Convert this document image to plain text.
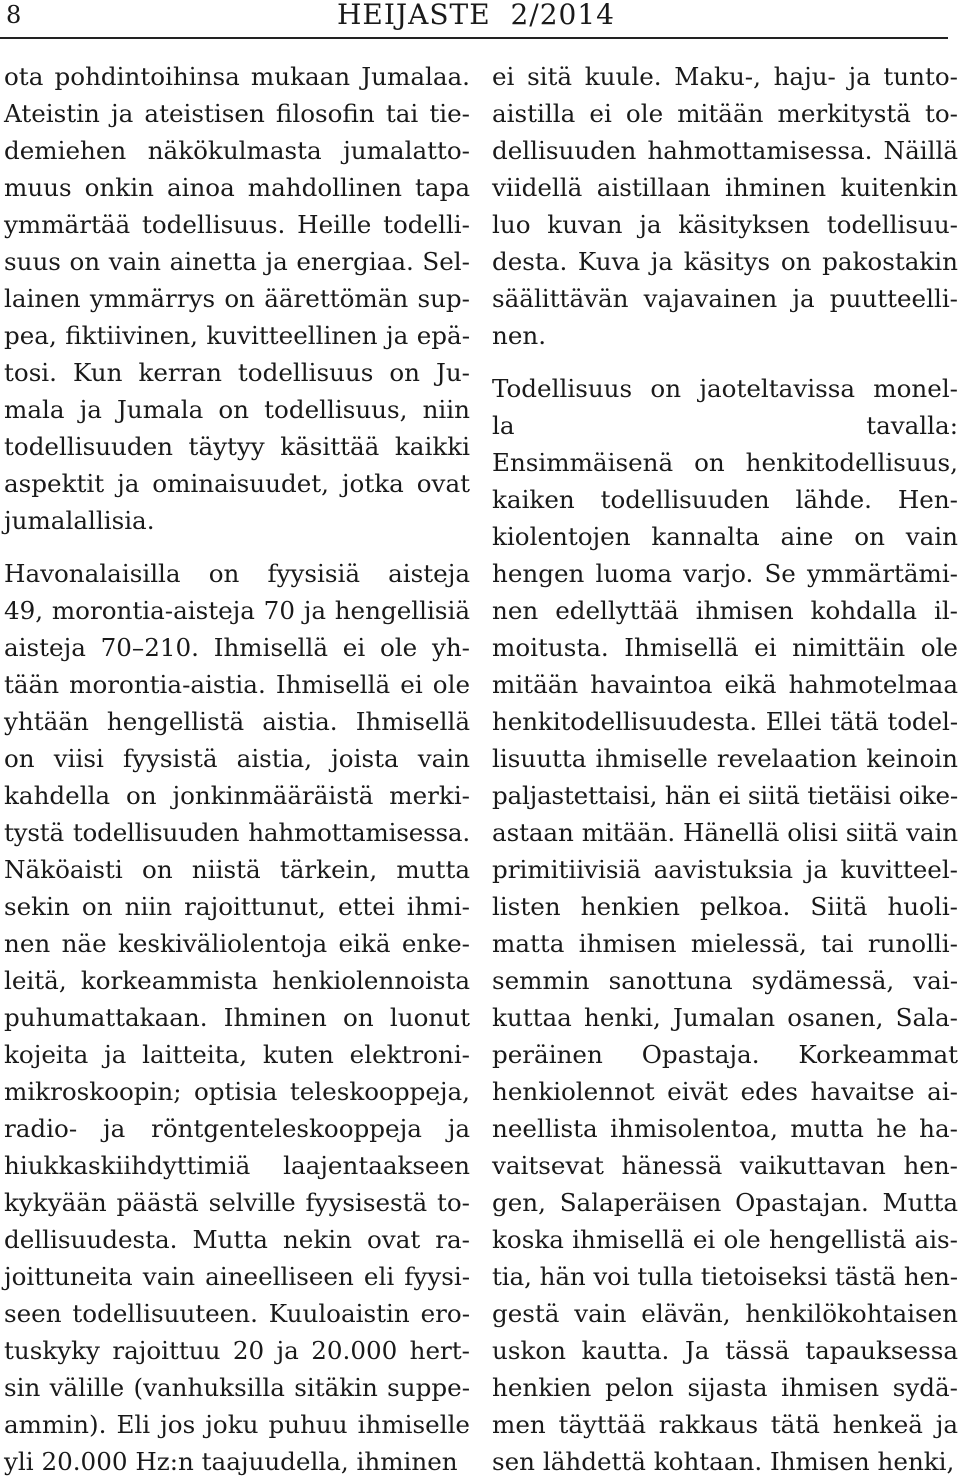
8	HEIJASTE 2/2014
ota pohdintoihinsa mukaan Jumalaa.
Ateistin ja ateistisen filosofin tai tie-
demiehen näkökulmasta jumalatto-
muus onkin ainoa mahdollinen tapa
ymmärtää todellisuus. Heille todelli-
suus on vain ainetta ja energiaa. Sel-
lainen ymmärrys on äärettömän sup-
pea, fiktiivinen, kuvitteellinen ja epä-
tosi. Kun kerran todellisuus on Ju-
mala ja Jumala on todellisuus, niin
todellisuuden täytyy käsittää kaikki
aspektit ja ominaisuudet, jotka ovat
jumalallisia.
Havonalaisilla on fyysisiä aisteja
49, morontia-aisteja 70 ja hengellisiä
aisteja 70–210. Ihmisellä ei ole yh-
tään morontia-aistia. Ihmisellä ei ole
yhtään hengellistä aistia. Ihmisellä
on viisi fyysistä aistia, joista vain
kahdella on jonkinmääräistä merki-
tystä todellisuuden hahmottamisessa.
Näköaisti on niistä tärkein, mutta
sekin on niin rajoittunut, ettei ihmi-
nen näe keskiväliolentoja eikä enke-
leitä, korkeammista henkiolennoista
puhumattakaan. Ihminen on luonut
kojeita ja laitteita, kuten elektroni-
mikroskoopin; optisia teleskooppeja,
radio- ja röntgenteleskooppeja ja
hiukkaskiihdyttimiä laajentaakseen
kykyään päästä selville fyysisestä to-
dellisuudesta. Mutta nekin ovat ra-
joittuneita vain aineelliseen eli fyysi-
seen todellisuuteen. Kuuloaistin ero-
tuskyky rajoittuu 20 ja 20.000 hert-
sin välille (vanhuksilla sitäkin suppe-
ammin). Eli jos joku puhuu ihmiselle
yli 20.000 Hz:n taajuudella, ihminen
ei sitä kuule. Maku-, haju- ja tunto-
aistilla ei ole mitään merkitystä to-
dellisuuden hahmottamisessa. Näillä
viidellä aistillaan ihminen kuitenkin
luo kuvan ja käsityksen todellisuu-
desta. Kuva ja käsitys on pakostakin
säälittävän vajavainen ja puutteelli-
nen.
Todellisuus on jaoteltavissa monel-
la tavalla:
Ensimmäisenä on henkitodellisuus,
kaiken todellisuuden lähde. Hen-
kiolentojen kannalta aine on vain
hengen luoma varjo. Se ymmärtämi-
nen edellyttää ihmisen kohdalla il-
moitusta. Ihmisellä ei nimittäin ole
mitään havaintoa eikä hahmotelmaa
henkitodellisuudesta. Ellei tätä todel-
lisuutta ihmiselle revelaation keinoin
paljastettaisi, hän ei siitä tietäisi oike-
astaan mitään. Hänellä olisi siitä vain
primitiivisiä aavistuksia ja kuvitteel-
listen henkien pelkoa. Siitä huoli-
matta ihmisen mielessä, tai runolli-
semmin sanottuna sydämessä, vai-
kuttaa henki, Jumalan osanen, Sala-
peräinen Opastaja. Korkeammat
henkiolennot eivät edes havaitse ai-
neellista ihmisolentoa, mutta he ha-
vaitsevat hänessä vaikuttavan hen-
gen, Salaperäisen Opastajan. Mutta
koska ihmisellä ei ole hengellistä ais-
tia, hän voi tulla tietoiseksi tästä hen-
gestä vain elävän, henkilökohtaisen
uskon kautta. Ja tässä tapauksessa
henkien pelon sijasta ihmisen sydä-
men täyttää rakkaus tätä henkeä ja
sen lähdettä kohtaan. Ihmisen henki,
